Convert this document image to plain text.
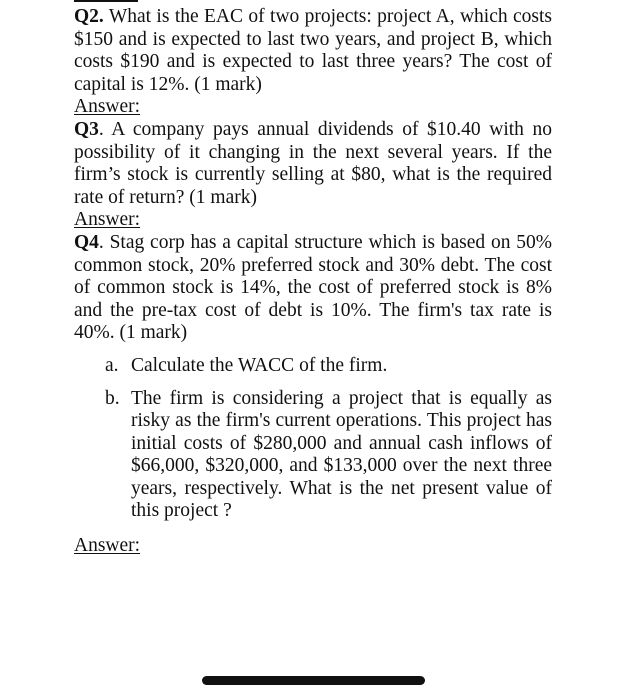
Q2. What is the EAC of two projects: project A, which costs $150 and is expected to last two years, and project B, which costs $190 and is expected to last three years? The cost of capital is 12%. (1 mark)

Answer:

Q3. A company pays annual dividends of $10.40 with no possibility of it changing in the next several years. If the firm’s stock is currently selling at $80, what is the required rate of return? (1 mark)

Answer:

Q4. Stag corp has a capital structure which is based on 50% common stock, 20% preferred stock and 30% debt. The cost of common stock is 14%, the cost of preferred stock is 8% and the pre-tax cost of debt is 10%. The firm's tax rate is 40%. (1 mark)

a. Calculate the WACC of the firm.
b. The firm is considering a project that is equally as risky as the firm's current operations. This project has initial costs of $280,000 and annual cash inflows of $66,000, $320,000, and $133,000 over the next three years, respectively. What is the net present value of this project ?

Answer:
